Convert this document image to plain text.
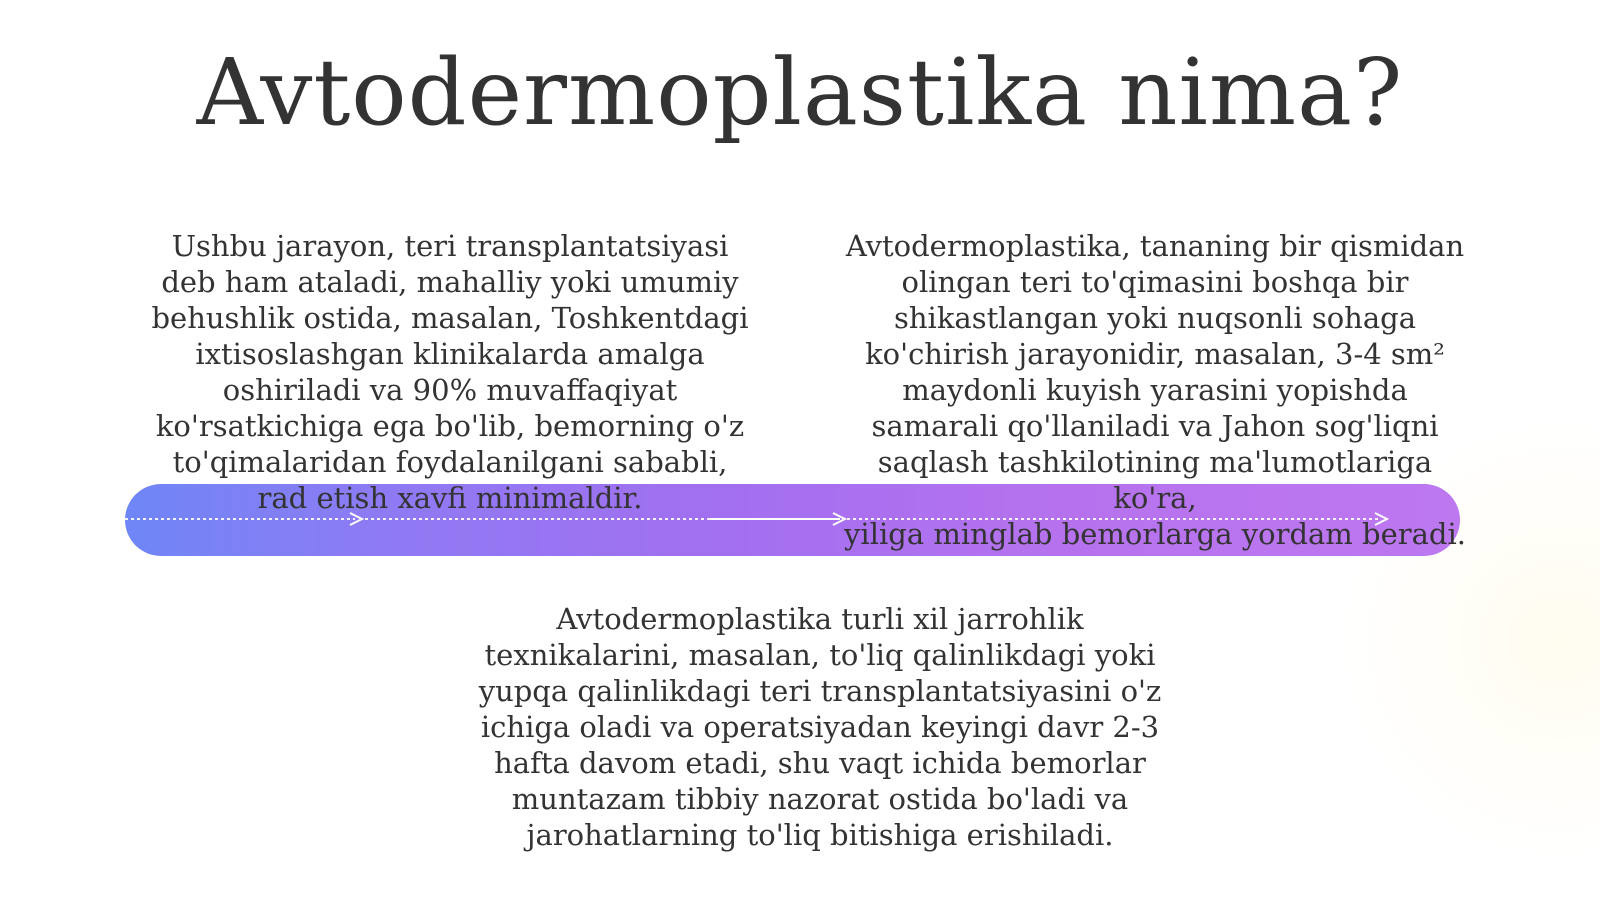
Avtodermoplastika nima?

Ushbu jarayon, teri transplantatsiyasi
deb ham ataladi, mahalliy yoki umumiy
behushlik ostida, masalan, Toshkentdagi
ixtisoslashgan klinikalarda amalga
oshiriladi va 90% muvaffaqiyat
ko'rsatkichiga ega bo'lib, bemorning o'z
to'qimalaridan foydalanilgani sababli,
rad etish xavfi minimaldir.

Avtodermoplastika, tananing bir qismidan
olingan teri to'qimasini boshqa bir
shikastlangan yoki nuqsonli sohaga
ko'chirish jarayonidir, masalan, 3-4 sm²
maydonli kuyish yarasini yopishda
samarali qo'llaniladi va Jahon sog'liqni
saqlash tashkilotining ma'lumotlariga ko'ra,
yiliga minglab bemorlarga yordam beradi.

Avtodermoplastika turli xil jarrohlik
texnikalarini, masalan, to'liq qalinlikdagi yoki
yupqa qalinlikdagi teri transplantatsiyasini o'z
ichiga oladi va operatsiyadan keyingi davr 2-3
hafta davom etadi, shu vaqt ichida bemorlar
muntazam tibbiy nazorat ostida bo'ladi va
jarohatlarning to'liq bitishiga erishiladi.
